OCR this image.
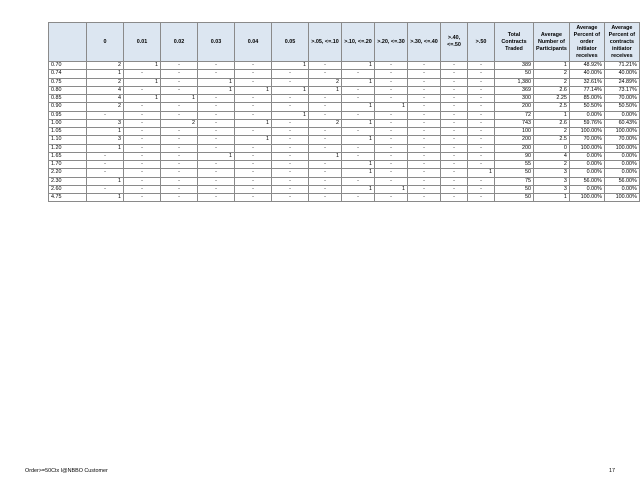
	0	0.01	0.02	0.03	0.04	0.05	>.05, <=.10	>.10, <=.20	>.20, <=.30	>.30, <=.40	>.40, <=.50	>.50	Total Contracts Traded	Average Number of Participants	Average Percent of order initiator receives	Average Percent of contracts initiator receives
0.70	2	1	-	-	-	1	-	1	-	-	-	-	389	1	48.92%	71.21%
0.74	1	-	-	-	-	-	-	-	-	-	-	-	50	2	40.00%	40.00%
0.75	2	1	-	1	-	-	2	1	-	-	-	-	1,380	2	32.61%	24.89%
0.80	4	-	-	1	1	1	1	-	-	-	-	-	369	2.6	77.14%	73.17%
0.85	4	1	1	-	-	-	-	-	-	-	-	-	300	2.25	85.00%	70.00%
0.90	2	-	-	-	-	-	-	1	1	-	-	-	200	2.5	50.50%	50.50%
0.95	-	-	-	-	-	1	-	-	-	-	-	-	72	1	0.00%	0.00%
1.00	3	-	2	-	1	-	2	1	-	-	-	-	743	2.6	59.76%	60.43%
1.05	1	-	-	-	-	-	-	-	-	-	-	-	100	2	100.00%	100.00%
1.10	3	-	-	-	1	-	-	1	-	-	-	-	200	2.5	70.00%	70.00%
1.20	1	-	-	-	-	-	-	-	-	-	-	-	200	0	100.00%	100.00%
1.65	-	-	-	1	-	-	1	-	-	-	-	-	90	4	0.00%	0.00%
1.70	-	-	-	-	-	-	-	1	-	-	-	-	55	2	0.00%	0.00%
2.20	-	-	-	-	-	-	-	1	-	-	-	1	50	3	0.00%	0.00%
2.30	1	-	-	-	-	-	-	-	-	-	-	-	75	3	56.00%	56.00%
2.60	-	-	-	-	-	-	-	1	1	-	-	-	50	3	0.00%	0.00%
4.75	1	-	-	-	-	-	-	-	-	-	-	-	50	1	100.00%	100.00%
Order>=50Ctx I@NBBO Customer	17
